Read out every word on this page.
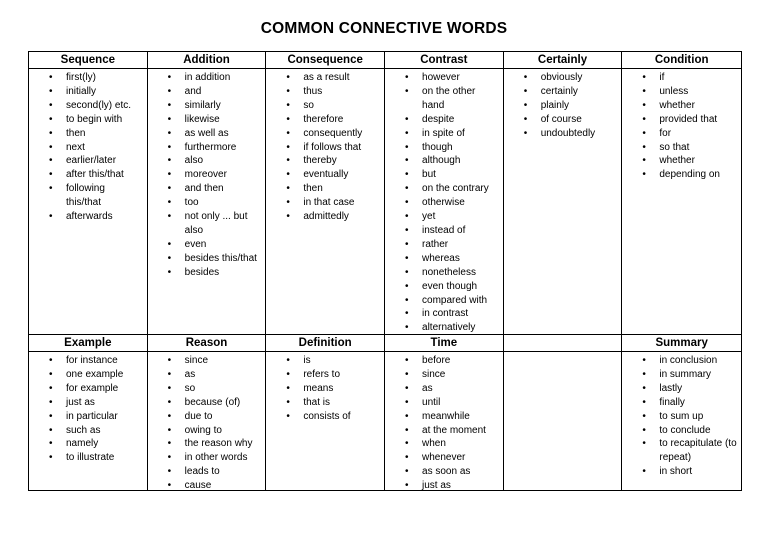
COMMON CONNECTIVE WORDS
Sequence
• first(ly)
• initially
• second(ly) etc.
• to begin with
• then
• next
• earlier/later
• after this/that
• following this/that
• afterwards
Addition
• in addition
• and
• similarly
• likewise
• as well as
• furthermore
• also
• moreover
• and then
• too
• not only ... but also
• even
• besides this/that
• besides
Consequence
• as a result
• thus
• so
• therefore
• consequently
• if follows that
• thereby
• eventually
• then
• in that case
• admittedly
Contrast
• however
• on the other hand
• despite
• in spite of
• though
• although
• but
• on the contrary
• otherwise
• yet
• instead of
• rather
• whereas
• nonetheless
• even though
• compared with
• in contrast
• alternatively
Certainly
• obviously
• certainly
• plainly
• of course
• undoubtedly
Condition
• if
• unless
• whether
• provided that
• for
• so that
• whether
• depending on
Example
• for instance
• one example
• for example
• just as
• in particular
• such as
• namely
• to illustrate
Reason
• since
• as
• so
• because (of)
• due to
• owing to
• the reason why
• in other words
• leads to
• cause
Definition
• is
• refers to
• means
• that is
• consists of
Time
• before
• since
• as
• until
• meanwhile
• at the moment
• when
• whenever
• as soon as
• just as
Summary
• in conclusion
• in summary
• lastly
• finally
• to sum up
• to conclude
• to recapitulate (to repeat)
• in short
